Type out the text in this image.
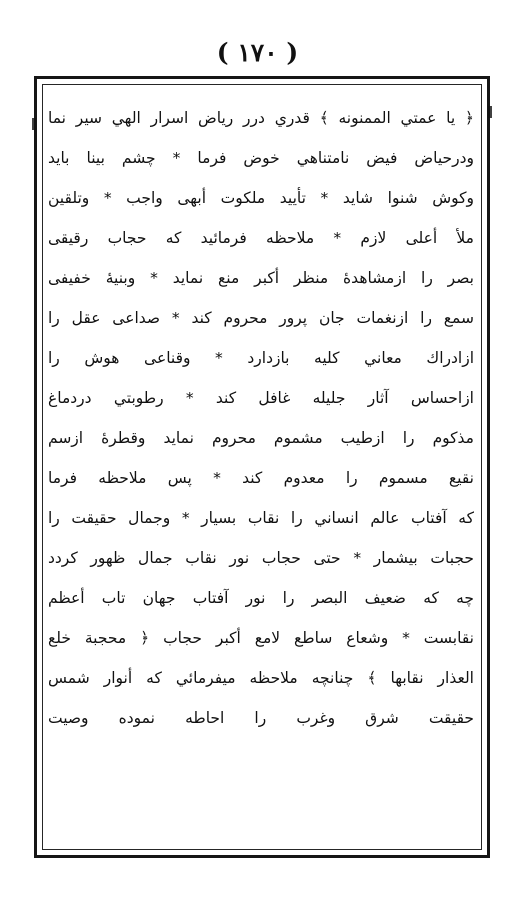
( ١٧٠ )
﴿ يا عمتي الممنونه ﴾ قدري درر رياض اسرار الهي سير نما
ودرحياض فيض نامتناهي خوض فرما * چشم بينا بايد
وكوش شنوا شايد * تأييد ملكوت أبهى واجب * وتلقين
ملأ أعلى لازم * ملاحظه فرمائيد كه حجاب رقيقى
بصر را ازمشاهدهٔ منظر أكبر منع نمايد * وبنيهٔ خفيفى
سمع را ازنغمات جان پرور محروم كند * صداعى عقل را
ازادراك معاني كليه بازدارد * وقناعى هوش را
ازاحساس آثار جليله غافل كند * رطوبتي دردماغ
مذكوم را ازطيب مشموم محروم نمايد وقطرهٔ ازسم
نقيع مسموم را معدوم كند * پس ملاحظه فرما
كه آفتاب عالم انساني را نقاب بسيار * وجمال حقيقت را
حجبات بيشمار * حتى حجاب نور نقاب جمال ظهور كردد
چه كه ضعيف البصر را نور آفتاب جهان تاب أعظم
نقابست * وشعاع ساطع لامع أكبر حجاب ﴿ محجبة خلع
العذار نقابها ﴾ چنانچه ملاحظه ميفرمائي كه أنوار شمس
حقيقت شرق وغرب را احاطه نموده وصيت
